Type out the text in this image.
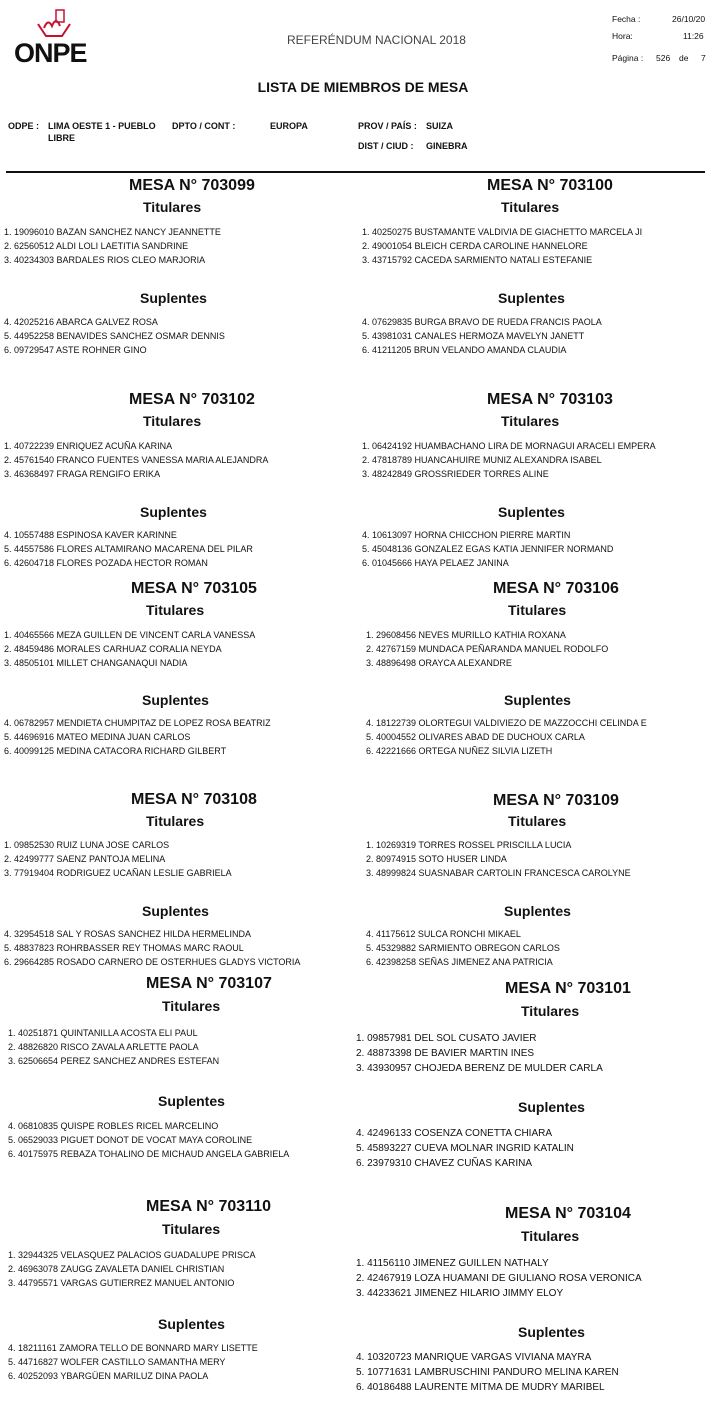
ONPE	REFERÉNDUM NACIONAL 2018
Fecha :	26/10/20
Hora:	11:26
Página : 526 de 7
LISTA DE MIEMBROS DE MESA
ODPE : LIMA OESTE 1 - PUEBLO
LIBRE
DPTO / CONT :	EUROPA	PROV / PAÍS : SUIZA
DIST / CIUD : GINEBRA
MESA N° 703099
Titulares
1. 19096010 BAZAN SANCHEZ NANCY JEANNETTE
2. 62560512 ALDI LOLI LAETITIA SANDRINE
3. 40234303 BARDALES RIOS CLEO MARJORIA
Suplentes
4. 42025216 ABARCA GALVEZ ROSA
5. 44952258 BENAVIDES SANCHEZ OSMAR DENNIS
6. 09729547 ASTE ROHNER GINO
MESA N° 703100
Titulares
1. 40250275 BUSTAMANTE VALDIVIA DE GIACHETTO MARCELA JI
2. 49001054 BLEICH CERDA CAROLINE HANNELORE
3. 43715792 CACEDA SARMIENTO NATALI ESTEFANIE
Suplentes
4. 07629835 BURGA BRAVO DE RUEDA FRANCIS PAOLA
5. 43981031 CANALES HERMOZA MAVELYN JANETT
6. 41211205 BRUN VELANDO AMANDA CLAUDIA
MESA N° 703102
Titulares
1. 40722239 ENRIQUEZ ACUÑA KARINA
2. 45761540 FRANCO FUENTES VANESSA MARIA ALEJANDRA
3. 46368497 FRAGA RENGIFO ERIKA
Suplentes
4. 10557488 ESPINOSA KAVER KARINNE
5. 44557586 FLORES ALTAMIRANO MACARENA DEL PILAR
6. 42604718 FLORES POZADA HECTOR ROMAN
MESA N° 703103
Titulares
1. 06424192 HUAMBACHANO LIRA DE MORNAGUI ARACELI EMPERA
2. 47818789 HUANCAHUIRE MUNIZ ALEXANDRA ISABEL
3. 48242849 GROSSRIEDER TORRES ALINE
Suplentes
4. 10613097 HORNA CHICCHON PIERRE MARTIN
5. 45048136 GONZALEZ EGAS KATIA JENNIFER NORMAND
6. 01045666 HAYA PELAEZ JANINA
MESA N° 703105
Titulares
1. 40465566 MEZA GUILLEN DE VINCENT CARLA VANESSA
2. 48459486 MORALES CARHUAZ CORALIA NEYDA
3. 48505101 MILLET CHANGANAQUI NADIA
Suplentes
4. 06782957 MENDIETA CHUMPITAZ DE LOPEZ ROSA BEATRIZ
5. 44696916 MATEO MEDINA JUAN CARLOS
6. 40099125 MEDINA CATACORA RICHARD GILBERT
MESA N° 703106
Titulares
1. 29608456 NEVES MURILLO KATHIA ROXANA
2. 42767159 MUNDACA PEÑARANDA MANUEL RODOLFO
3. 48896498 ORAYCA ALEXANDRE
Suplentes
4. 18122739 OLORTEGUI VALDIVIEZO DE MAZZOCCHI CELINDA E
5. 40004552 OLIVARES ABAD DE DUCHOUX CARLA
6. 42221666 ORTEGA NUÑEZ SILVIA LIZETH
MESA N° 703108
Titulares
1. 09852530 RUIZ LUNA JOSE CARLOS
2. 42499777 SAENZ PANTOJA MELINA
3. 77919404 RODRIGUEZ UCAÑAN LESLIE GABRIELA
Suplentes
4. 32954518 SAL Y ROSAS SANCHEZ HILDA HERMELINDA
5. 48837823 ROHRBASSER REY THOMAS MARC RAOUL
6. 29664285 ROSADO CARNERO DE OSTERHUES GLADYS VICTORIA
MESA N° 703109
Titulares
1. 10269319 TORRES ROSSEL PRISCILLA LUCIA
2. 80974915 SOTO HUSER LINDA
3. 48999824 SUASNABAR CARTOLIN FRANCESCA CAROLYNE
Suplentes
4. 41175612 SULCA RONCHI MIKAEL
5. 45329882 SARMIENTO OBREGON CARLOS
6. 42398258 SEÑAS JIMENEZ ANA PATRICIA
MESA N° 703107
Titulares
1. 40251871 QUINTANILLA ACOSTA ELI PAUL
2. 48826820 RISCO ZAVALA ARLETTE PAOLA
3. 62506654 PEREZ SANCHEZ ANDRES ESTEFAN
Suplentes
4. 06810835 QUISPE ROBLES RICEL MARCELINO
5. 06529033 PIGUET DONOT DE VOCAT MAYA COROLINE
6. 40175975 REBAZA TOHALINO DE MICHAUD ANGELA GABRIELA
MESA N° 703101
Titulares
1. 09857981 DEL SOL CUSATO JAVIER
2. 48873398 DE BAVIER MARTIN INES
3. 43930957 CHOJEDA BERENZ DE MULDER CARLA
Suplentes
4. 42496133 COSENZA CONETTA CHIARA
5. 45893227 CUEVA MOLNAR INGRID KATALIN
6. 23979310 CHAVEZ CUÑAS KARINA
MESA N° 703110
Titulares
1. 32944325 VELASQUEZ PALACIOS GUADALUPE PRISCA
2. 46963078 ZAUGG ZAVALETA DANIEL CHRISTIAN
3. 44795571 VARGAS GUTIERREZ MANUEL ANTONIO
Suplentes
4. 18211161 ZAMORA TELLO DE BONNARD MARY LISETTE
5. 44716827 WOLFER CASTILLO SAMANTHA MERY
6. 40252093 YBARGÜEN MARILUZ DINA PAOLA
MESA N° 703104
Titulares
1. 41156110 JIMENEZ GUILLEN NATHALY
2. 42467919 LOZA HUAMANI DE GIULIANO ROSA VERONICA
3. 44233621 JIMENEZ HILARIO JIMMY ELOY
Suplentes
4. 10320723 MANRIQUE VARGAS VIVIANA MAYRA
5. 10771631 LAMBRUSCHINI PANDURO MELINA KAREN
6. 40186488 LAURENTE MITMA DE MUDRY MARIBEL
